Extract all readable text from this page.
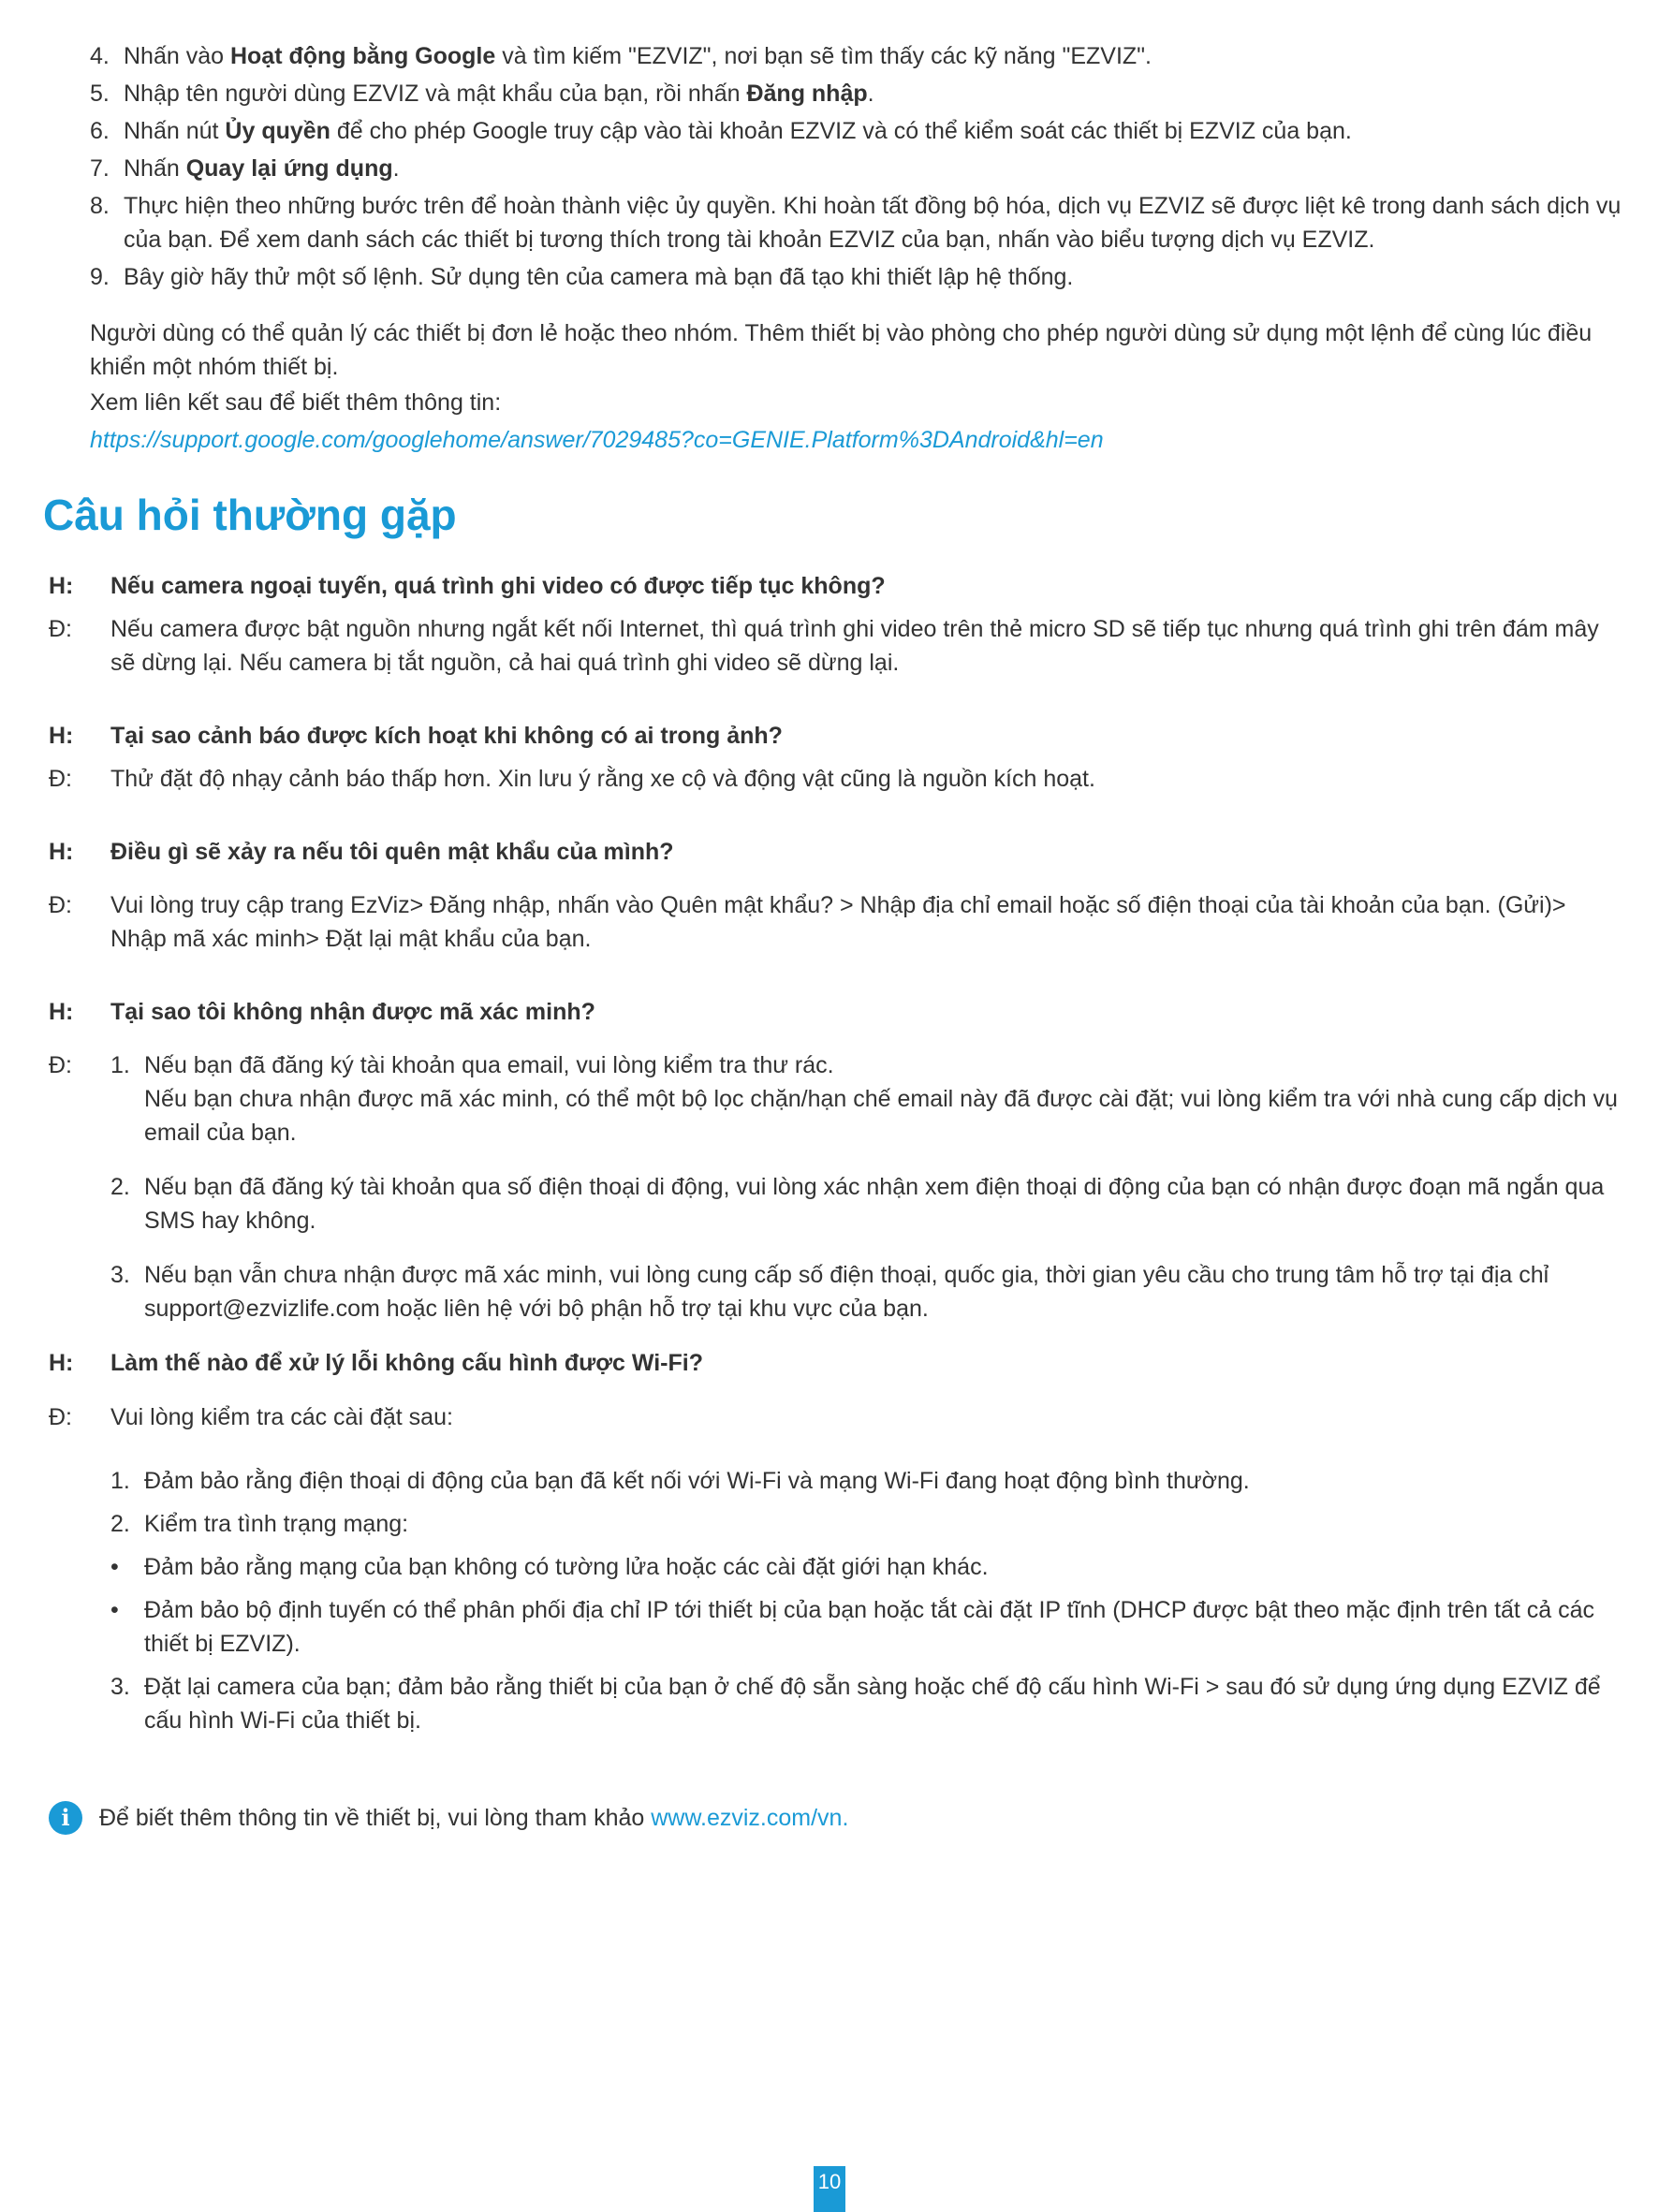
4. Nhấn vào Hoạt động bằng Google và tìm kiếm "EZVIZ", nơi bạn sẽ tìm thấy các kỹ năng "EZVIZ".
5. Nhập tên người dùng EZVIZ và mật khẩu của bạn, rồi nhấn Đăng nhập.
6. Nhấn nút Ủy quyền để cho phép Google truy cập vào tài khoản EZVIZ và có thể kiểm soát các thiết bị EZVIZ của bạn.
7. Nhấn Quay lại ứng dụng.
8. Thực hiện theo những bước trên để hoàn thành việc ủy quyền. Khi hoàn tất đồng bộ hóa, dịch vụ EZVIZ sẽ được liệt kê trong danh sách dịch vụ của bạn. Để xem danh sách các thiết bị tương thích trong tài khoản EZVIZ của bạn, nhấn vào biểu tượng dịch vụ EZVIZ.
9. Bây giờ hãy thử một số lệnh. Sử dụng tên của camera mà bạn đã tạo khi thiết lập hệ thống.

Người dùng có thể quản lý các thiết bị đơn lẻ hoặc theo nhóm. Thêm thiết bị vào phòng cho phép người dùng sử dụng một lệnh để cùng lúc điều khiển một nhóm thiết bị.

Xem liên kết sau để biết thêm thông tin:

https://support.google.com/googlehome/answer/7029485?co=GENIE.Platform%3DAndroid&hl=en

Câu hỏi thường gặp
H:	Nếu camera ngoại tuyến, quá trình ghi video có được tiếp tục không?
Đ:	Nếu camera được bật nguồn nhưng ngắt kết nối Internet, thì quá trình ghi video trên thẻ micro SD sẽ tiếp tục nhưng quá trình ghi trên đám mây sẽ dừng lại. Nếu camera bị tắt nguồn, cả hai quá trình ghi video sẽ dừng lại.
H:	Tại sao cảnh báo được kích hoạt khi không có ai trong ảnh?
Đ:	Thử đặt độ nhạy cảnh báo thấp hơn. Xin lưu ý rằng xe cộ và động vật cũng là nguồn kích hoạt.
H:	Điều gì sẽ xảy ra nếu tôi quên mật khẩu của mình?
Đ:	Vui lòng truy cập trang EzViz> Đăng nhập, nhấn vào Quên mật khẩu? > Nhập địa chỉ email hoặc số điện thoại của tài khoản của bạn. (Gửi)> Nhập mã xác minh> Đặt lại mật khẩu của bạn.
H:	Tại sao tôi không nhận được mã xác minh?
Đ:	1. Nếu bạn đã đăng ký tài khoản qua email, vui lòng kiểm tra thư rác.
Nếu bạn chưa nhận được mã xác minh, có thể một bộ lọc chặn/hạn chế email này đã được cài đặt; vui lòng kiểm tra với nhà cung cấp dịch vụ email của bạn.
2. Nếu bạn đã đăng ký tài khoản qua số điện thoại di động, vui lòng xác nhận xem điện thoại di động của bạn có nhận được đoạn mã ngắn qua SMS hay không.
3. Nếu bạn vẫn chưa nhận được mã xác minh, vui lòng cung cấp số điện thoại, quốc gia, thời gian yêu cầu cho trung tâm hỗ trợ tại địa chỉ support@ezvizlife.com hoặc liên hệ với bộ phận hỗ trợ tại khu vực của bạn.
H:	Làm thế nào để xử lý lỗi không cấu hình được Wi-Fi?
Đ:	Vui lòng kiểm tra các cài đặt sau:
1. Đảm bảo rằng điện thoại di động của bạn đã kết nối với Wi-Fi và mạng Wi-Fi đang hoạt động bình thường.
2. Kiểm tra tình trạng mạng:
•	Đảm bảo rằng mạng của bạn không có tường lửa hoặc các cài đặt giới hạn khác.
•	Đảm bảo bộ định tuyến có thể phân phối địa chỉ IP tới thiết bị của bạn hoặc tắt cài đặt IP tĩnh (DHCP được bật theo mặc định trên tất cả các thiết bị EZVIZ).
3. Đặt lại camera của bạn; đảm bảo rằng thiết bị của bạn ở chế độ sẵn sàng hoặc chế độ cấu hình Wi-Fi > sau đó sử dụng ứng dụng EZVIZ để cấu hình Wi-Fi của thiết bị.
i	Để biết thêm thông tin về thiết bị, vui lòng tham khảo www.ezviz.com/vn.
10
